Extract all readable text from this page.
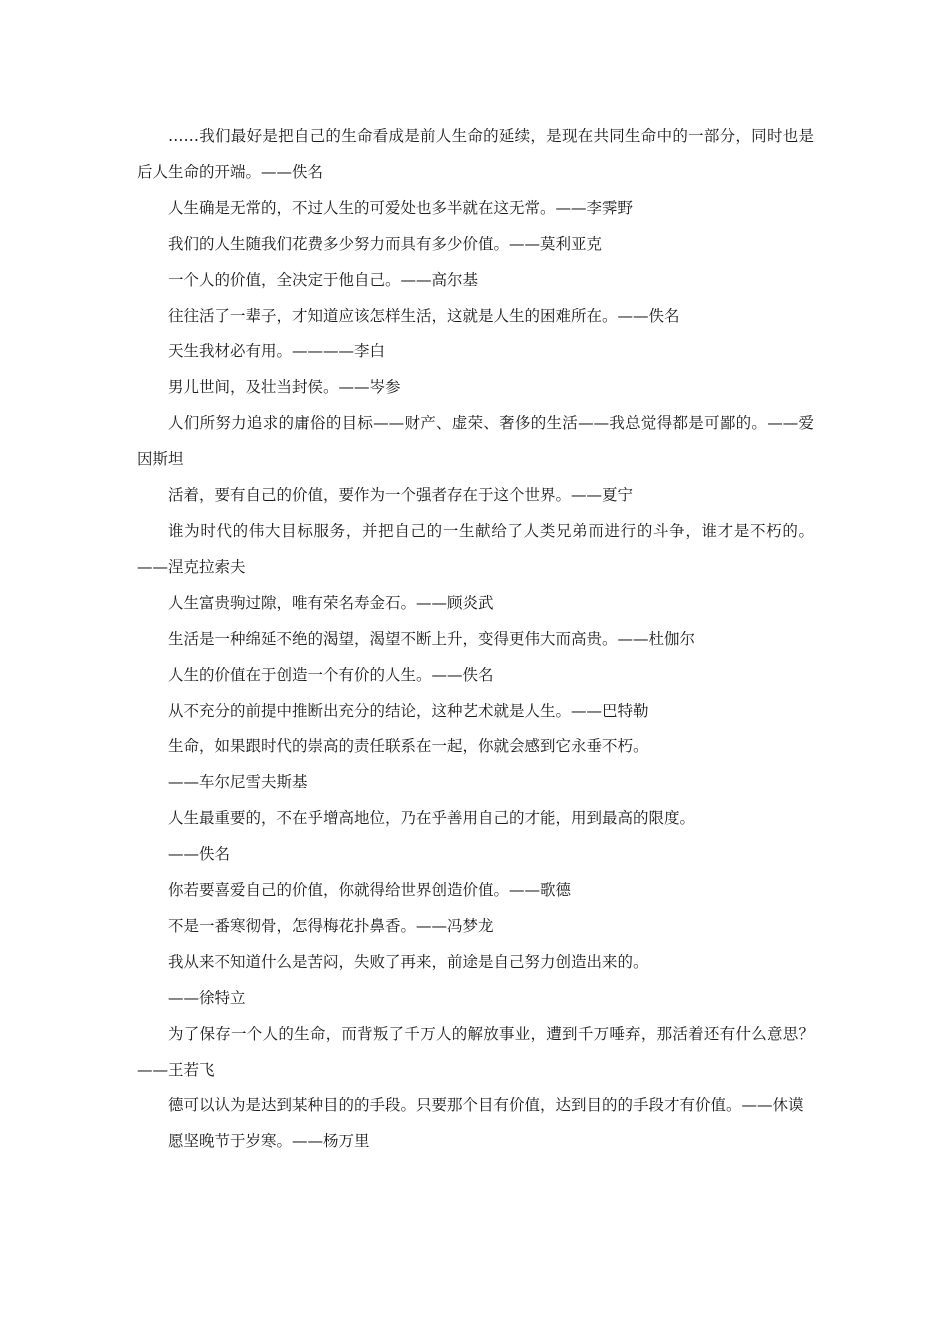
……我们最好是把自己的生命看成是前人生命的延续，是现在共同生命中的一部分，同时也是后人生命的开端。——佚名

人生确是无常的，不过人生的可爱处也多半就在这无常。——李霁野

我们的人生随我们花费多少努力而具有多少价值。——莫利亚克

一个人的价值，全决定于他自己。——高尔基

往往活了一辈子，才知道应该怎样生活，这就是人生的困难所在。——佚名

天生我材必有用。————李白

男儿世间，及壮当封侯。——岑参

人们所努力追求的庸俗的目标——财产、虚荣、奢侈的生活——我总觉得都是可鄙的。——爱因斯坦

活着，要有自己的价值，要作为一个强者存在于这个世界。——夏宁

谁为时代的伟大目标服务，并把自己的一生献给了人类兄弟而进行的斗争，谁才是不朽的。——涅克拉索夫

人生富贵驹过隙，唯有荣名寿金石。——顾炎武

生活是一种绵延不绝的渴望，渴望不断上升，变得更伟大而高贵。——杜伽尔

人生的价值在于创造一个有价的人生。——佚名

从不充分的前提中推断出充分的结论，这种艺术就是人生。——巴特勒

生命，如果跟时代的崇高的责任联系在一起，你就会感到它永垂不朽。

——车尔尼雪夫斯基

人生最重要的，不在乎增高地位，乃在乎善用自己的才能，用到最高的限度。

——佚名

你若要喜爱自己的价值，你就得给世界创造价值。——歌德

不是一番寒彻骨，怎得梅花扑鼻香。——冯梦龙

我从来不知道什么是苦闷，失败了再来，前途是自己努力创造出来的。

——徐特立

为了保存一个人的生命，而背叛了千万人的解放事业，遭到千万唾弃，那活着还有什么意思？——王若飞

德可以认为是达到某种目的的手段。只要那个目有价值，达到目的的手段才有价值。——休谟

愿坚晚节于岁寒。——杨万里
